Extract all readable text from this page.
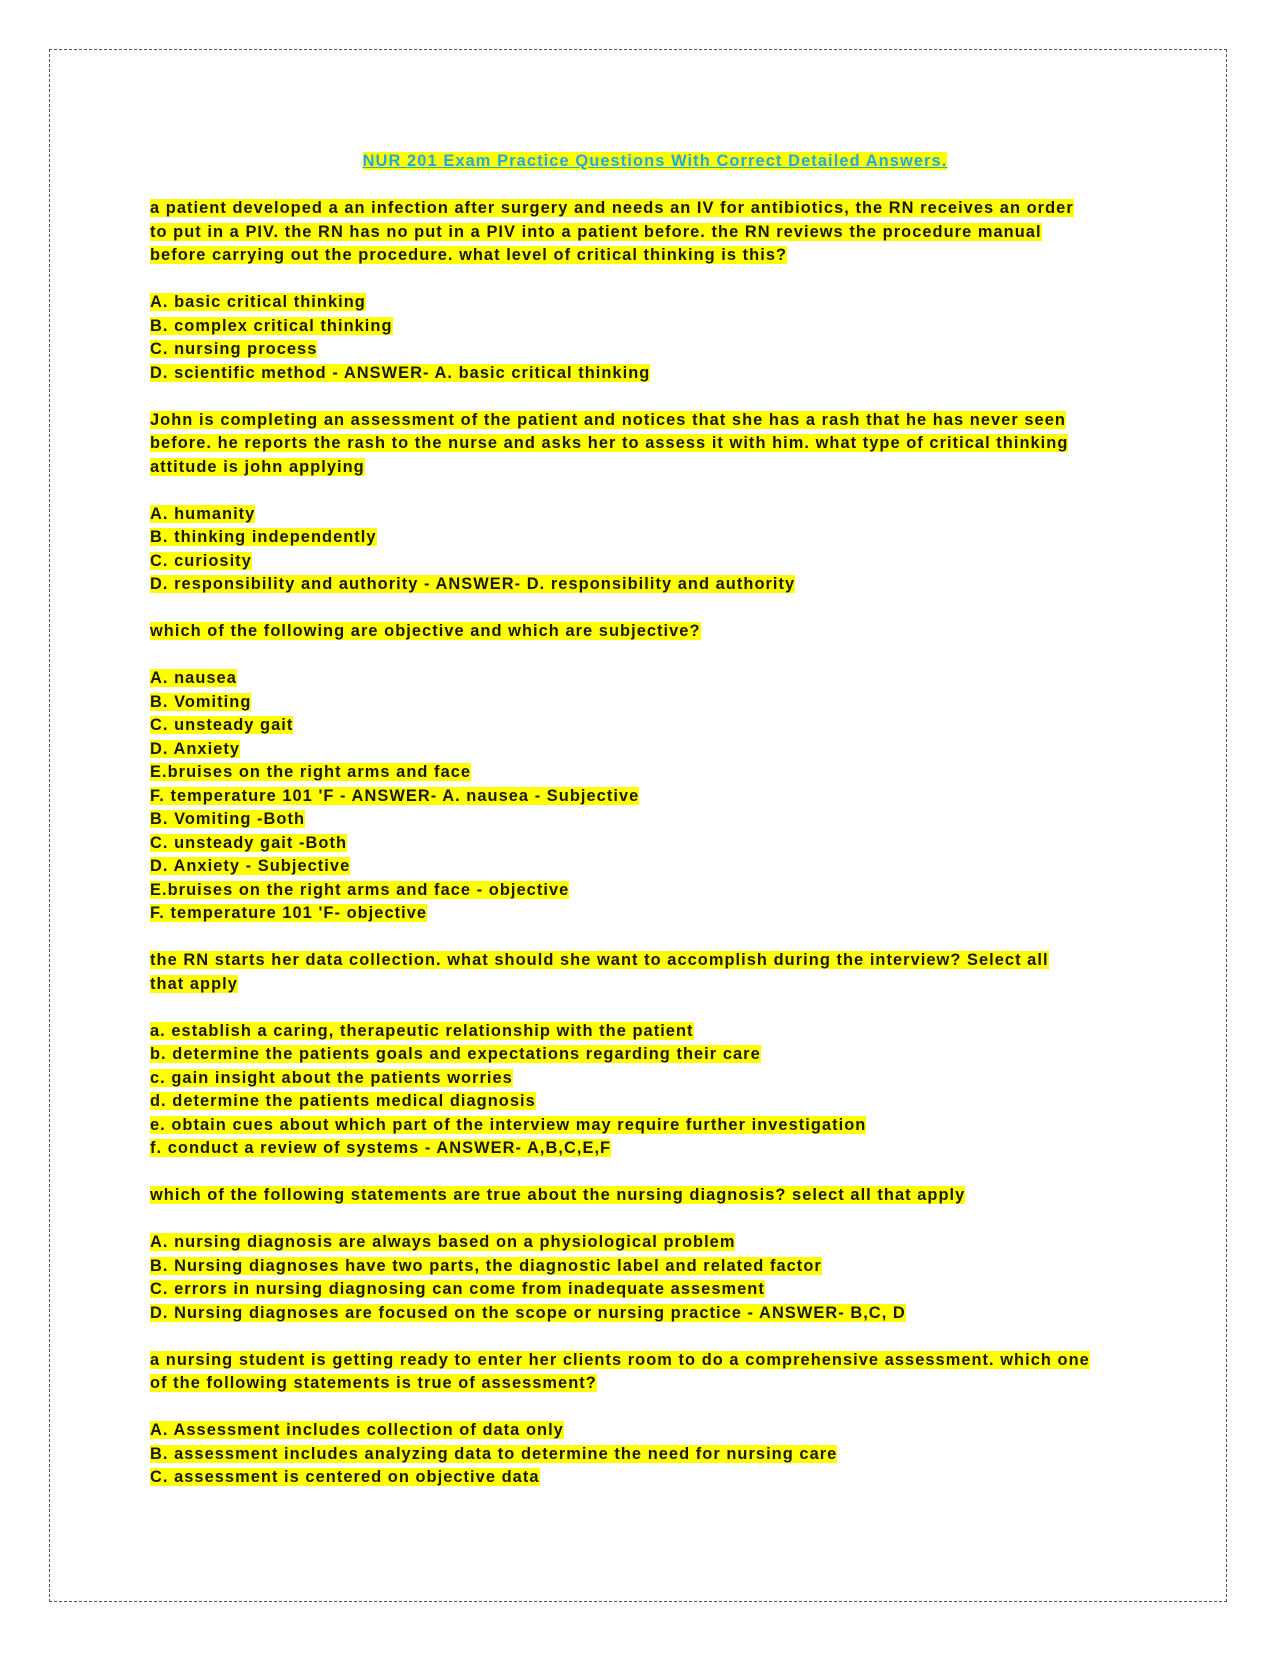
NUR 201 Exam Practice Questions With Correct Detailed Answers.
a patient developed a an infection after surgery and needs an IV for antibiotics, the RN receives an order
to put in a PIV. the RN has no put in a PIV into a patient before. the RN reviews the procedure manual
before carrying out the procedure. what level of critical thinking is this?
A. basic critical thinking
B. complex critical thinking
C. nursing process
D. scientific method - ANSWER- A. basic critical thinking
John is completing an assessment of the patient and notices that she has a rash that he has never seen
before. he reports the rash to the nurse and asks her to assess it with him. what type of critical thinking
attitude is john applying
A. humanity
B. thinking independently
C. curiosity
D. responsibility and authority - ANSWER- D. responsibility and authority
which of the following are objective and which are subjective?
A. nausea
B. Vomiting
C. unsteady gait
D. Anxiety
E.bruises on the right arms and face
F. temperature 101 'F - ANSWER- A. nausea - Subjective
B. Vomiting -Both
C. unsteady gait -Both
D. Anxiety - Subjective
E.bruises on the right arms and face - objective
F. temperature 101 'F- objective
the RN starts her data collection. what should she want to accomplish during the interview? Select all
that apply
a. establish a caring, therapeutic relationship with the patient
b. determine the patients goals and expectations regarding their care
c. gain insight about the patients worries
d. determine the patients medical diagnosis
e. obtain cues about which part of the interview may require further investigation
f. conduct a review of systems - ANSWER- A,B,C,E,F
which of the following statements are true about the nursing diagnosis? select all that apply
A. nursing diagnosis are always based on a physiological problem
B. Nursing diagnoses have two parts, the diagnostic label and related factor
C. errors in nursing diagnosing can come from inadequate assesment
D. Nursing diagnoses are focused on the scope or nursing practice - ANSWER- B,C, D
a nursing student is getting ready to enter her clients room to do a comprehensive assessment. which one
of the following statements is true of assessment?
A. Assessment includes collection of data only
B. assessment includes analyzing data to determine the need for nursing care
C. assessment is centered on objective data
